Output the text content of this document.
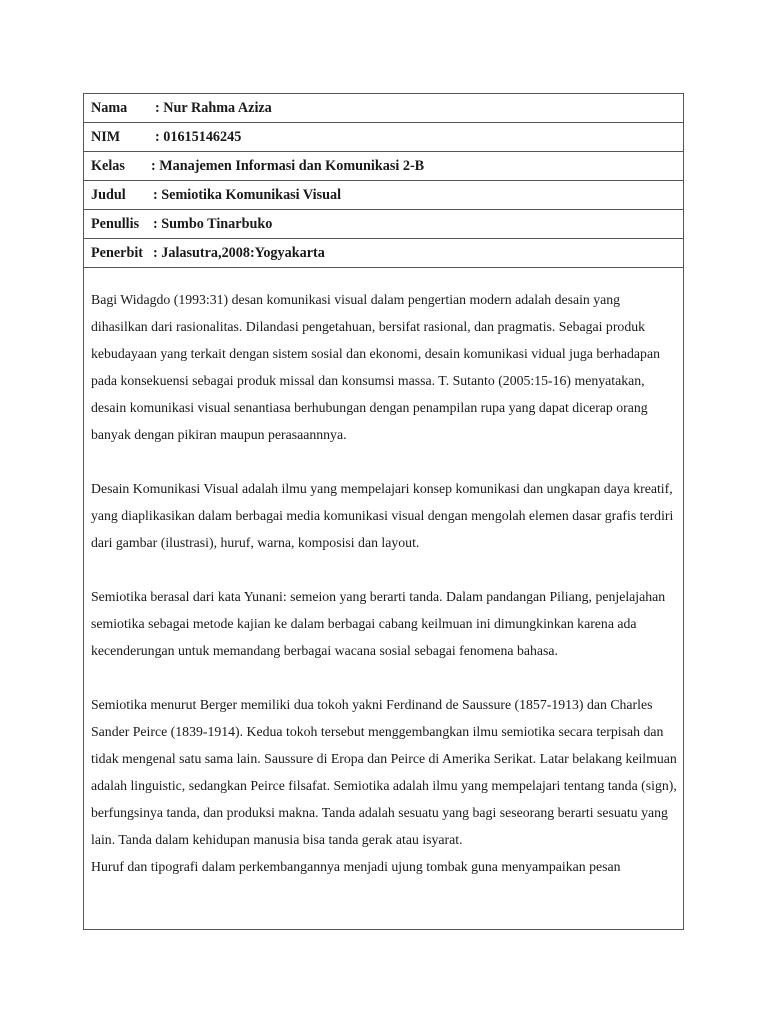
Nama	: Nur Rahma Aziza
NIM	: 01615146245
Kelas	: Manajemen Informasi dan Komunikasi 2-B
Judul	: Semiotika Komunikasi Visual
Penullis : Sumbo Tinarbuko
Penerbit : Jalasutra,2008:Yogyakarta

Bagi Widagdo (1993:31) desan komunikasi visual dalam pengertian modern adalah desain yang dihasilkan dari rasionalitas. Dilandasi pengetahuan, bersifat rasional, dan pragmatis. Sebagai produk kebudayaan yang terkait dengan sistem sosial dan ekonomi, desain komunikasi vidual juga berhadapan pada konsekuensi sebagai produk missal dan konsumsi massa. T. Sutanto (2005:15-16) menyatakan, desain komunikasi visual senantiasa berhubungan dengan penampilan rupa yang dapat dicerap orang banyak dengan pikiran maupun perasaannnya.

Desain Komunikasi Visual adalah ilmu yang mempelajari konsep komunikasi dan ungkapan daya kreatif, yang diaplikasikan dalam berbagai media komunikasi visual dengan mengolah elemen dasar grafis terdiri dari gambar (ilustrasi), huruf, warna, komposisi dan layout.

Semiotika berasal dari kata Yunani: semeion yang berarti tanda. Dalam pandangan Piliang, penjelajahan semiotika sebagai metode kajian ke dalam berbagai cabang keilmuan ini dimungkinkan karena ada kecenderungan untuk memandang berbagai wacana sosial sebagai fenomena bahasa.

Semiotika menurut Berger memiliki dua tokoh yakni Ferdinand de Saussure (1857-1913) dan Charles Sander Peirce (1839-1914). Kedua tokoh tersebut menggembangkan ilmu semiotika secara terpisah dan tidak mengenal satu sama lain. Saussure di Eropa dan Peirce di Amerika Serikat. Latar belakang keilmuan adalah linguistic, sedangkan Peirce filsafat. Semiotika adalah ilmu yang mempelajari tentang tanda (sign), berfungsinya tanda, dan produksi makna. Tanda adalah sesuatu yang bagi seseorang berarti sesuatu yang lain. Tanda dalam kehidupan manusia bisa tanda gerak atau isyarat.

Huruf dan tipografi dalam perkembangannya menjadi ujung tombak guna menyampaikan pesan
